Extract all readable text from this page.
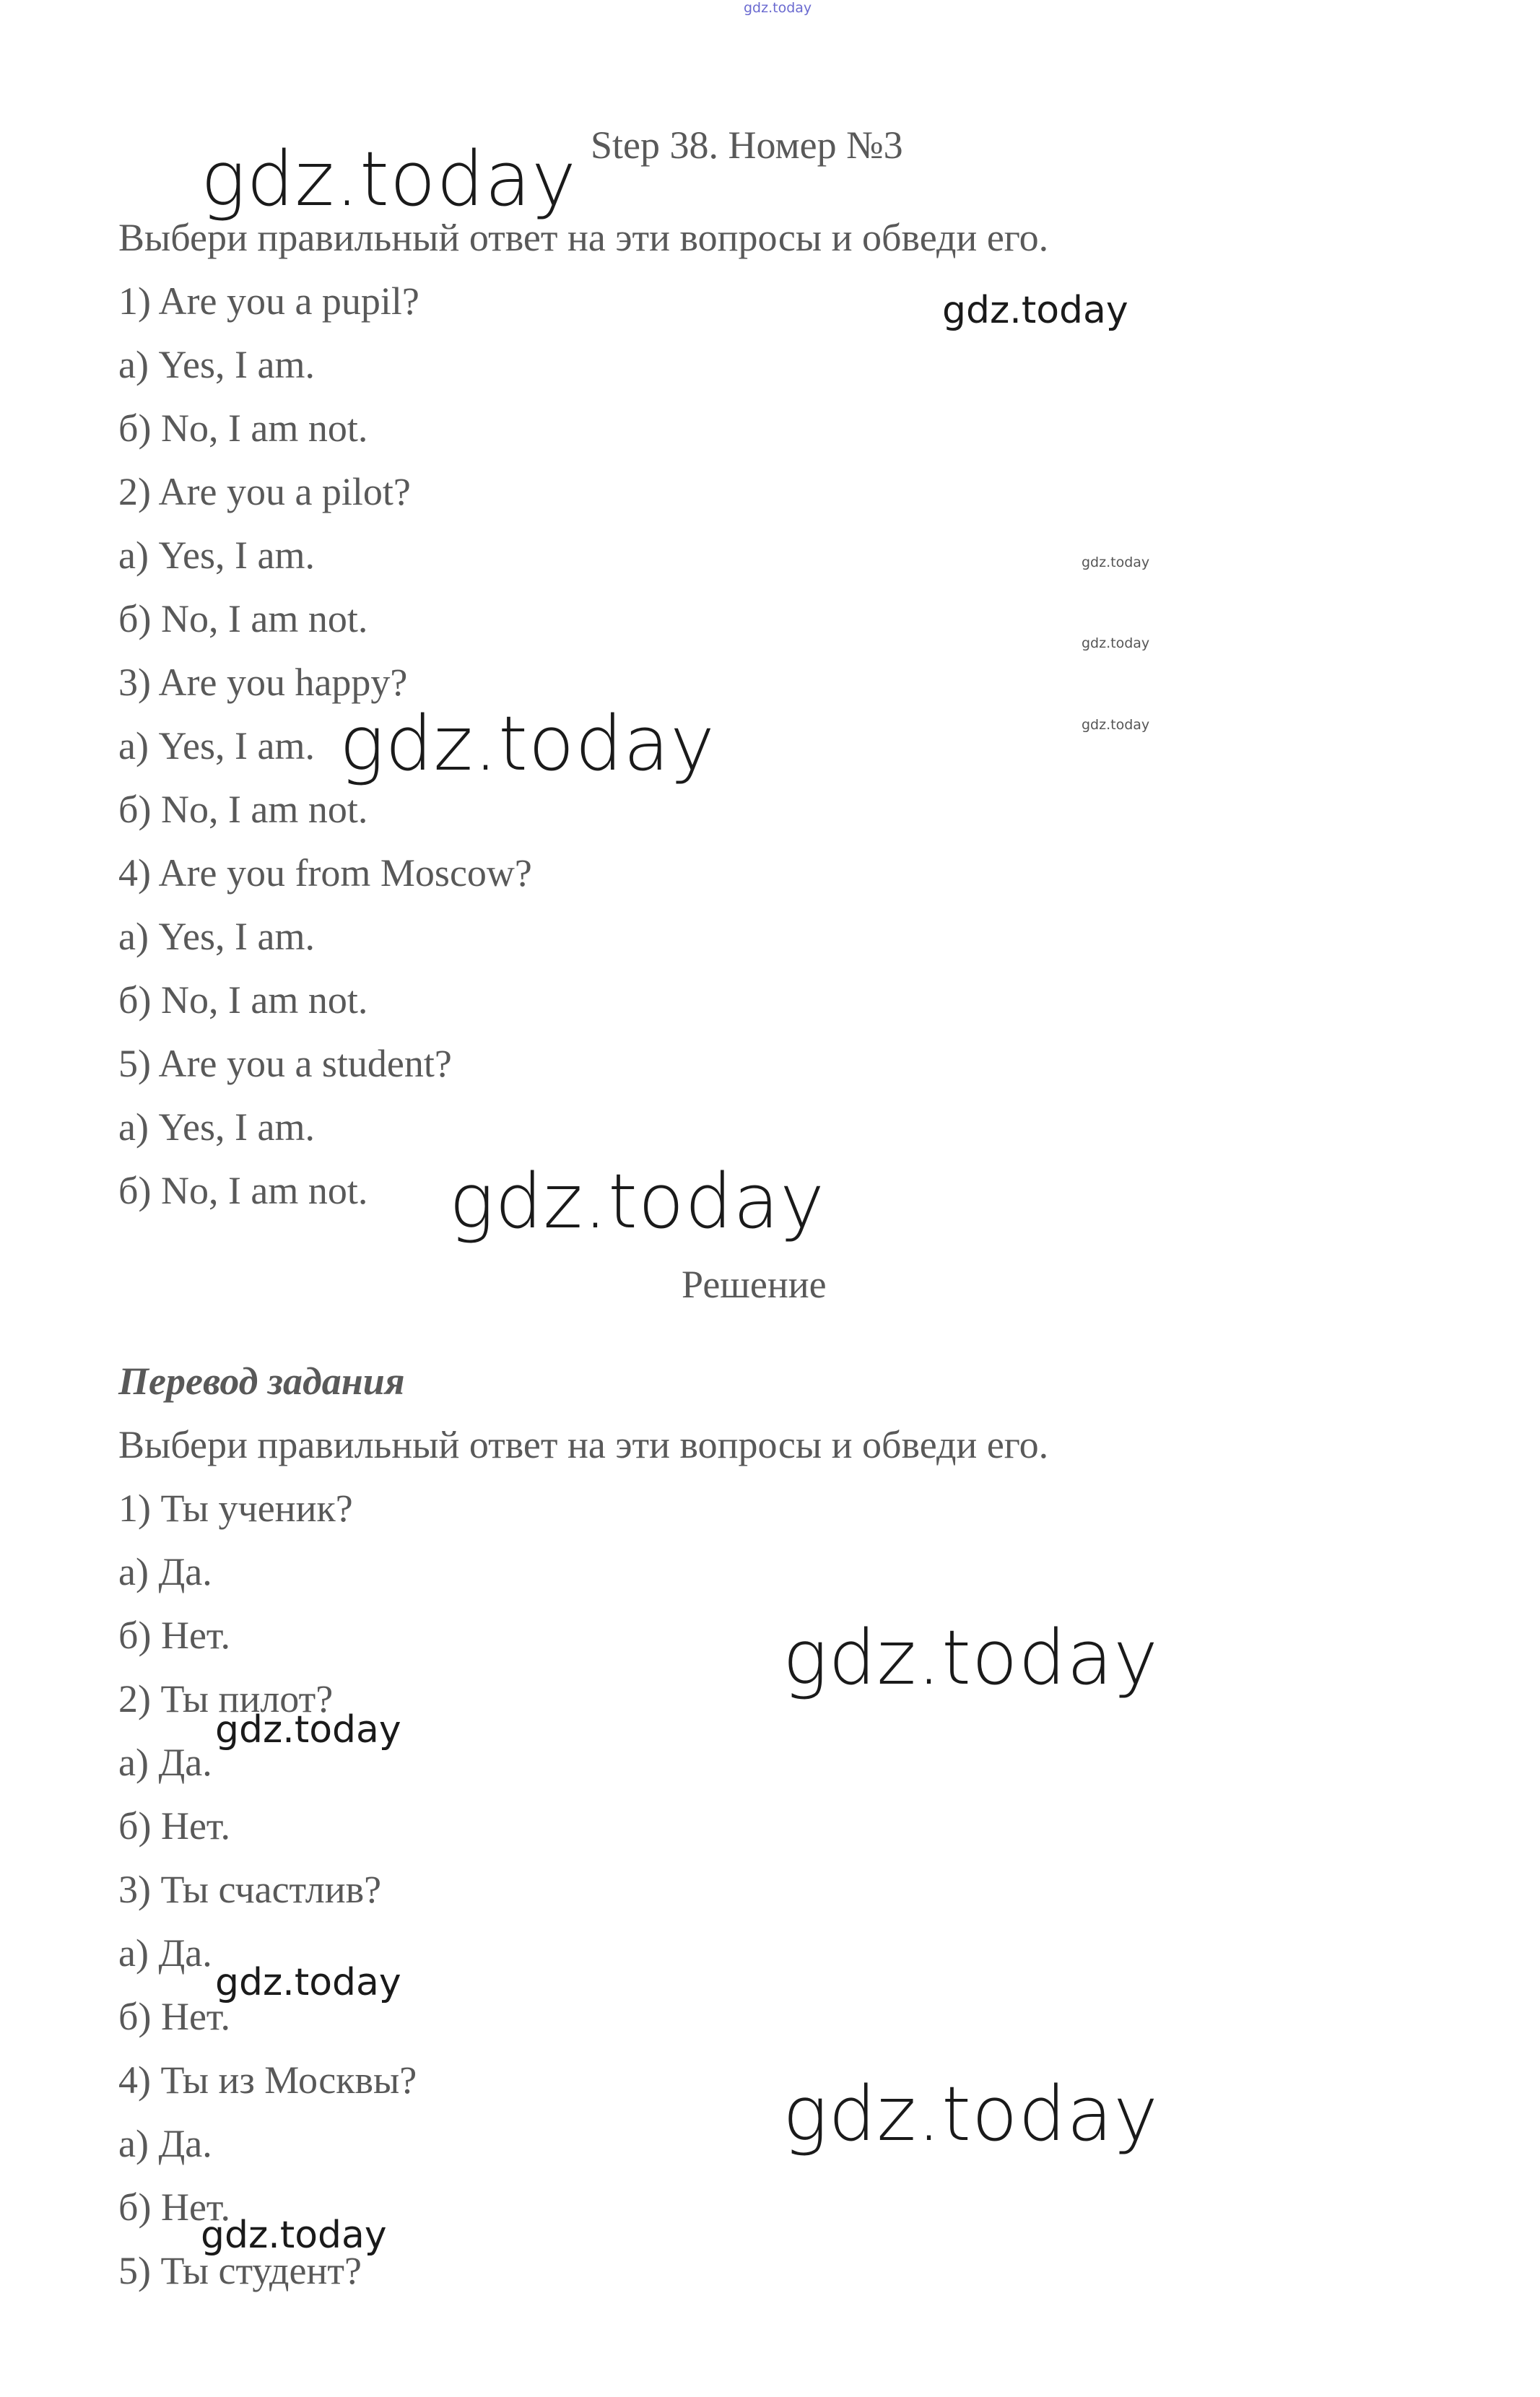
gdz.today
gdz.today
gdz.today
gdz.today
gdz.today
gdz.today
gdz.today
gdz.today
gdz.today
gdz.today
gdz.today
gdz.today
gdz.today

Step 38. Номер №3

Выбери правильный ответ на эти вопросы и обведи его.

1) Are you a pupil?

а) Yes, I am.

б) No, I am not.

2) Are you a pilot?

а) Yes, I am.

б) No, I am not.

3) Are you happy?

а) Yes, I am.

б) No, I am not.

4) Are you from Moscow?

а) Yes, I am.

б) No, I am not.

5) Are you a student?

а) Yes, I am.

б) No, I am not.

Решение

Перевод задания

Выбери правильный ответ на эти вопросы и обведи его.

1) Ты ученик?

а) Да.

б) Нет.

2) Ты пилот?

а) Да.

б) Нет.

3) Ты счастлив?

а) Да.

б) Нет.

4) Ты из Москвы?

а) Да.

б) Нет.

5) Ты студент?
